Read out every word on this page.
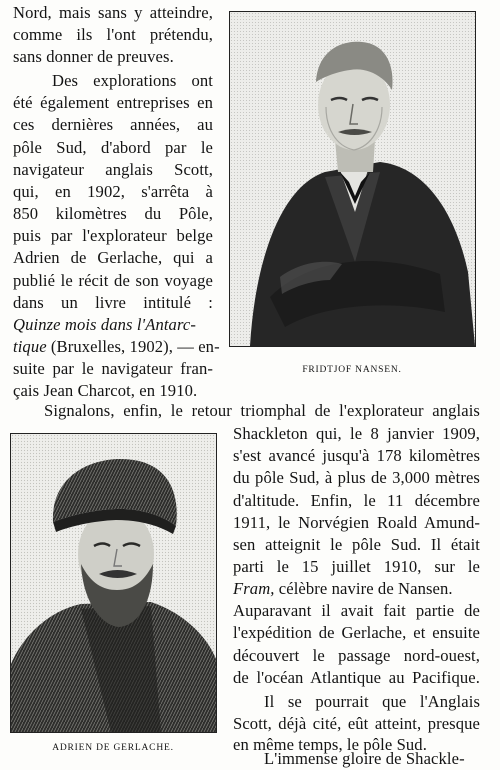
Nord, mais sans y atteindre,

comme ils l'ont prétendu,

sans donner de preuves.

Des explorations ont

été également entreprises en

ces dernières années, au

pôle Sud, d'abord par le

navigateur anglais Scott,

qui, en 1902, s'arrêta à

850 kilomètres du Pôle,

puis par l'explorateur belge

Adrien de Gerlache, qui a

publié le récit de son voyage

dans un livre intitulé :

Quinze mois dans l'Antarc-

tique (Bruxelles, 1902), — en-

suite par le navigateur fran-

çais Jean Charcot, en 1910.

FRIDTJOF NANSEN.

Signalons, enfin, le retour triomphal de l'explorateur anglais

ADRIEN DE GERLACHE.

Shackleton qui, le 8 janvier 1909,

s'est avancé jusqu'à 178 kilomètres

du pôle Sud, à plus de 3,000 mètres

d'altitude. Enfin, le 11 décembre

1911, le Norvégien Roald Amund-

sen atteignit le pôle Sud. Il était

parti le 15 juillet 1910, sur le

Fram, célèbre navire de Nansen.

Auparavant il avait fait partie de

l'expédition de Gerlache, et ensuite

découvert le passage nord-ouest,

de l'océan Atlantique au Pacifique.

Il se pourrait que l'Anglais

Scott, déjà cité, eût atteint, presque

en même temps, le pôle Sud.

L'immense gloire de Shackle-
